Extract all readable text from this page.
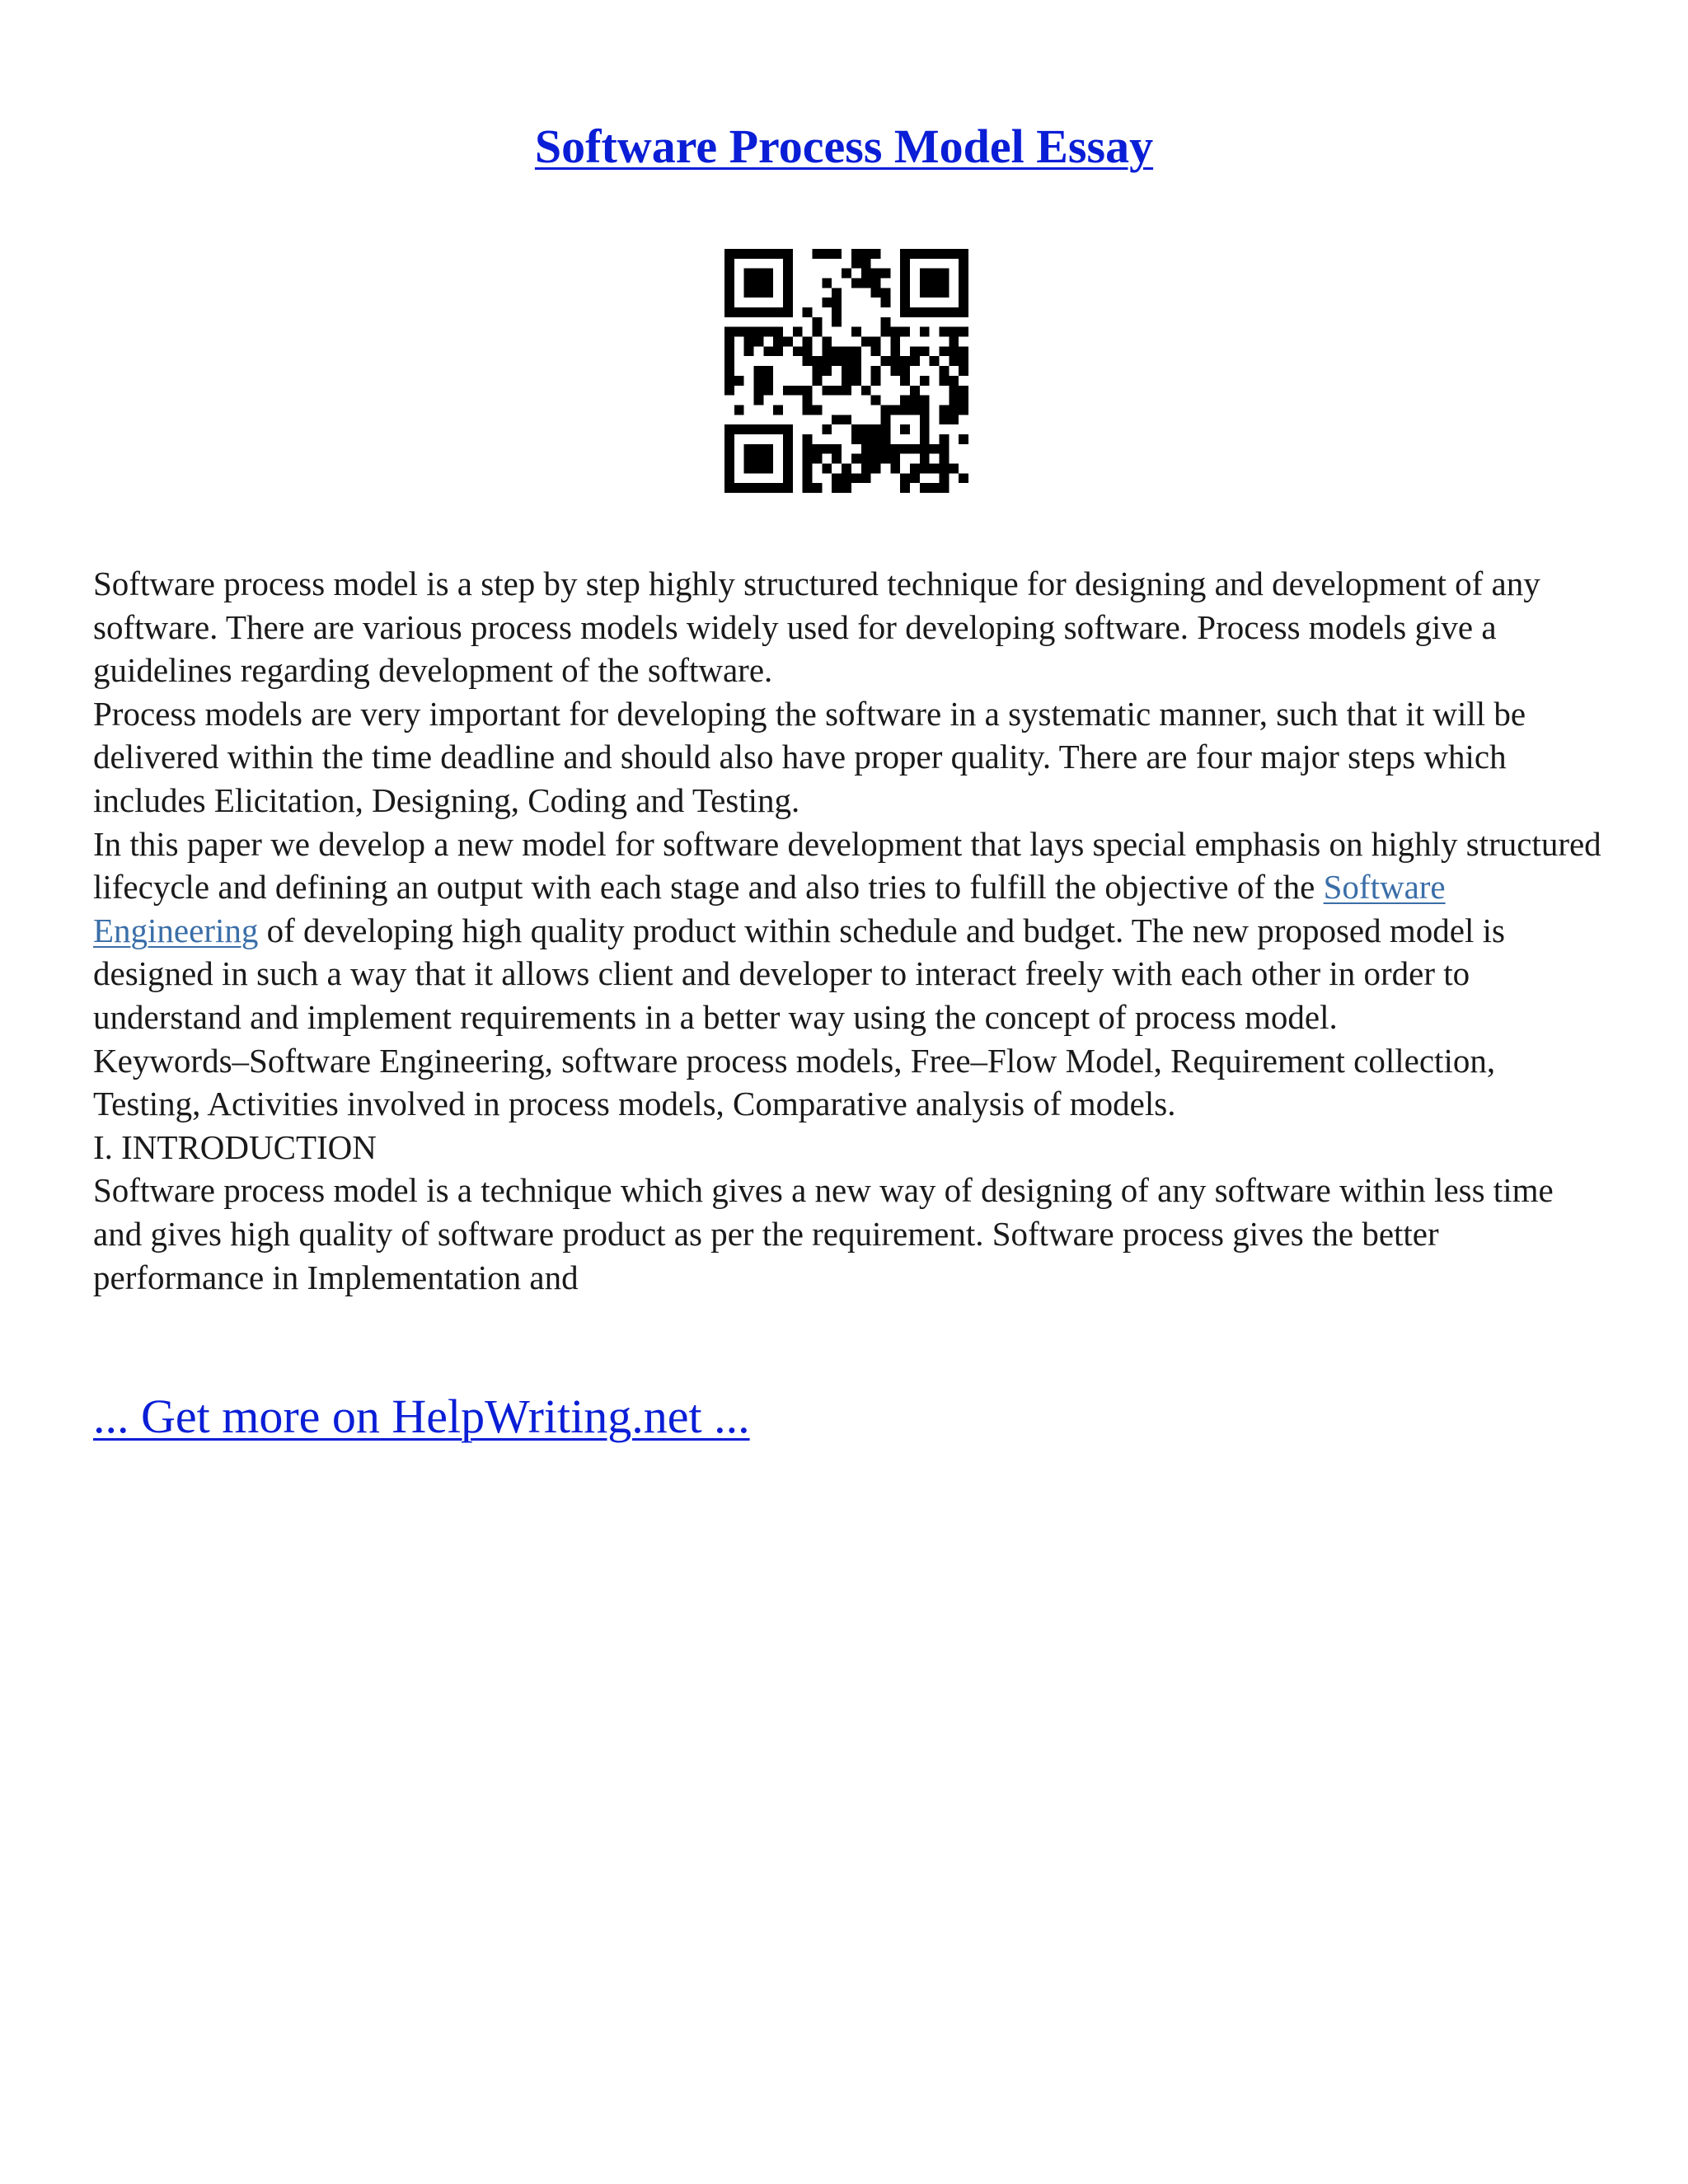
Software Process Model Essay

Software process model is a step by step highly structured technique for designing and development of any software. There are various process models widely used for developing software. Process models give a guidelines regarding development of the software.

Process models are very important for developing the software in a systematic manner, such that it will be delivered within the time deadline and should also have proper quality. There are four major steps which includes Elicitation, Designing, Coding and Testing.

In this paper we develop a new model for software development that lays special emphasis on highly structured lifecycle and defining an output with each stage and also tries to fulfill the objective of the Software Engineering of developing high quality product within schedule and budget. The new proposed model is designed in such a way that it allows client and developer to interact freely with each other in order to understand and implement requirements in a better way using the concept of process model.

Keywords–Software Engineering, software process models, Free–Flow Model, Requirement collection, Testing, Activities involved in process models, Comparative analysis of models.

I. INTRODUCTION

Software process model is a technique which gives a new way of designing of any software within less time and gives high quality of software product as per the requirement. Software process gives the better performance in Implementation and

... Get more on HelpWriting.net ...
